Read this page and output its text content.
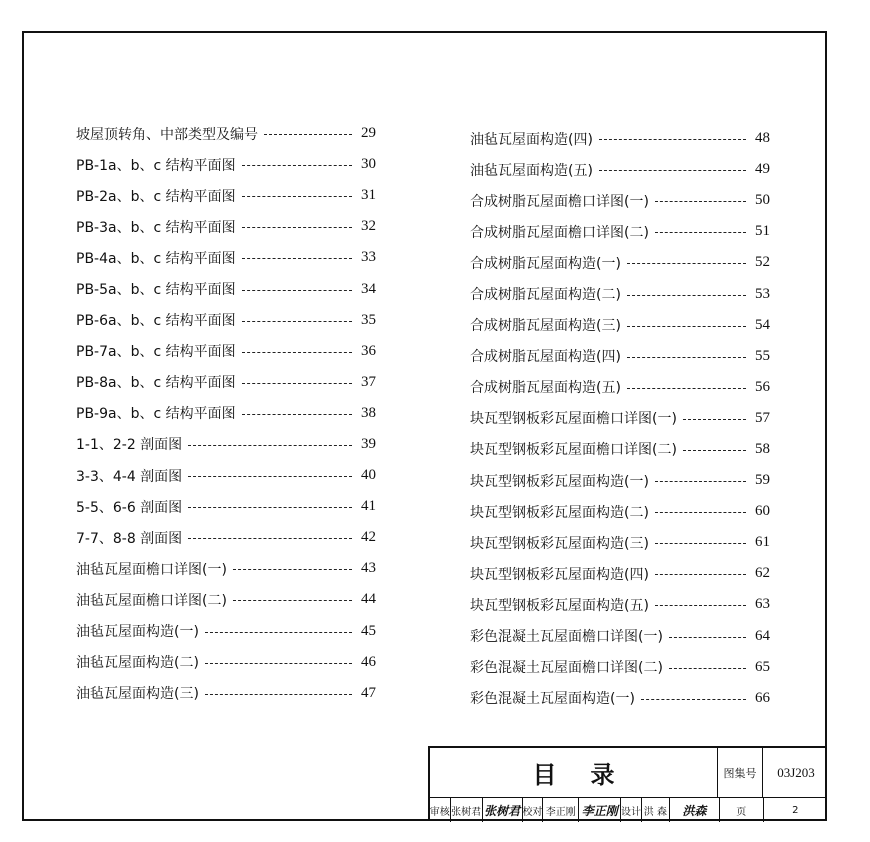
坡屋顶转角、中部类型及编号	29
PB-1a、b、c 结构平面图	30
PB-2a、b、c 结构平面图	31
PB-3a、b、c 结构平面图	32
PB-4a、b、c 结构平面图	33
PB-5a、b、c 结构平面图	34
PB-6a、b、c 结构平面图	35
PB-7a、b、c 结构平面图	36
PB-8a、b、c 结构平面图	37
PB-9a、b、c 结构平面图	38
1-1、2-2 剖面图	39
3-3、4-4 剖面图	40
5-5、6-6 剖面图	41
7-7、8-8 剖面图	42
油毡瓦屋面檐口详图(一)	43
油毡瓦屋面檐口详图(二)	44
油毡瓦屋面构造(一)	45
油毡瓦屋面构造(二)	46
油毡瓦屋面构造(三)	47
油毡瓦屋面构造(四)	48
油毡瓦屋面构造(五)	49
合成树脂瓦屋面檐口详图(一)	50
合成树脂瓦屋面檐口详图(二)	51
合成树脂瓦屋面构造(一)	52
合成树脂瓦屋面构造(二)	53
合成树脂瓦屋面构造(三)	54
合成树脂瓦屋面构造(四)	55
合成树脂瓦屋面构造(五)	56
块瓦型钢板彩瓦屋面檐口详图(一)	57
块瓦型钢板彩瓦屋面檐口详图(二)	58
块瓦型钢板彩瓦屋面构造(一)	59
块瓦型钢板彩瓦屋面构造(二)	60
块瓦型钢板彩瓦屋面构造(三)	61
块瓦型钢板彩瓦屋面构造(四)	62
块瓦型钢板彩瓦屋面构造(五)	63
彩色混凝土瓦屋面檐口详图(一)	64
彩色混凝土瓦屋面檐口详图(二)	65
彩色混凝土瓦屋面构造(一)	66
目录	图集号	03J203
审核 张树君 张树君 校对 李正刚 李正刚 设计 洪 森	洪森	页	2
